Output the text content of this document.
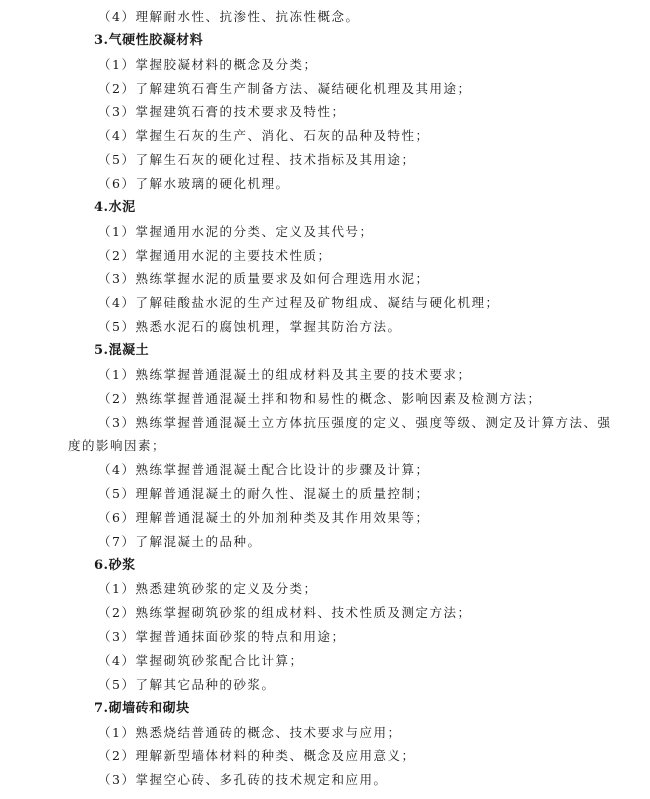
（4）理解耐水性、抗渗性、抗冻性概念。
3.气硬性胶凝材料
（1）掌握胶凝材料的概念及分类；
（2）了解建筑石膏生产制备方法、凝结硬化机理及其用途；
（3）掌握建筑石膏的技术要求及特性；
（4）掌握生石灰的生产、消化、石灰的品种及特性；
（5）了解生石灰的硬化过程、技术指标及其用途；
（6）了解水玻璃的硬化机理。
4.水泥
（1）掌握通用水泥的分类、定义及其代号；
（2）掌握通用水泥的主要技术性质；
（3）熟练掌握水泥的质量要求及如何合理选用水泥；
（4）了解硅酸盐水泥的生产过程及矿物组成、凝结与硬化机理；
（5）熟悉水泥石的腐蚀机理，掌握其防治方法。
5.混凝土
（1）熟练掌握普通混凝土的组成材料及其主要的技术要求；
（2）熟练掌握普通混凝土拌和物和易性的概念、影响因素及检测方法；
（3）熟练掌握普通混凝土立方体抗压强度的定义、强度等级、测定及计算方法、强
度的影响因素；
（4）熟练掌握普通混凝土配合比设计的步骤及计算；
（5）理解普通混凝土的耐久性、混凝土的质量控制；
（6）理解普通混凝土的外加剂种类及其作用效果等；
（7）了解混凝土的品种。
6.砂浆
（1）熟悉建筑砂浆的定义及分类；
（2）熟练掌握砌筑砂浆的组成材料、技术性质及测定方法；
（3）掌握普通抹面砂浆的特点和用途；
（4）掌握砌筑砂浆配合比计算；
（5）了解其它品种的砂浆。
7.砌墙砖和砌块
（1）熟悉烧结普通砖的概念、技术要求与应用；
（2）理解新型墙体材料的种类、概念及应用意义；
（3）掌握空心砖、多孔砖的技术规定和应用。
